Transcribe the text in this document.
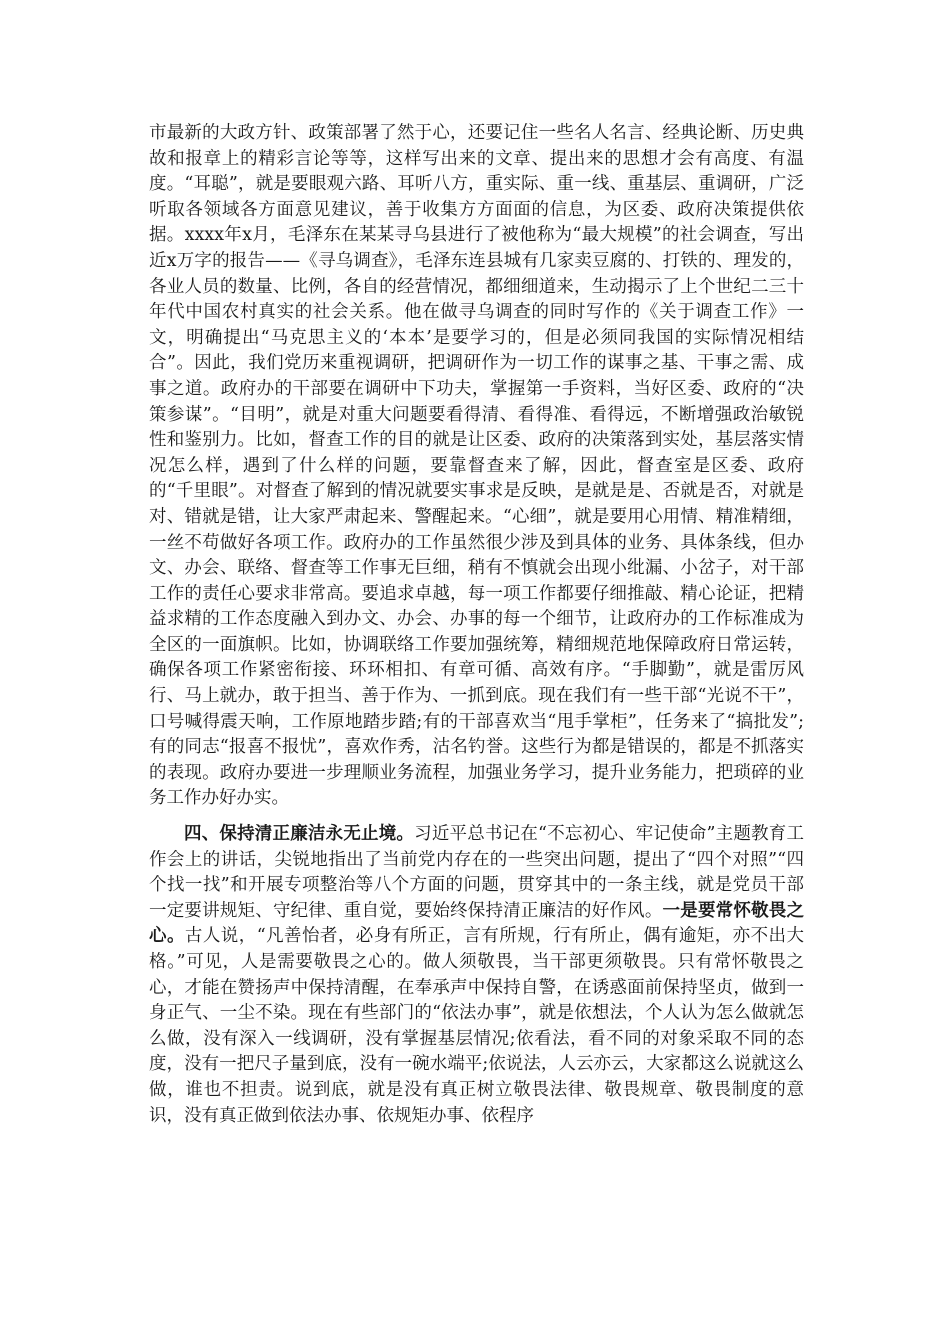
市最新的大政方针、政策部署了然于心，还要记住一些名人名言、经典论断、历史典故和报章上的精彩言论等等，这样写出来的文章、提出来的思想才会有高度、有温度。“耳聪”，就是要眼观六路、耳听八方，重实际、重一线、重基层、重调研，广泛听取各领域各方面意见建议，善于收集方方面面的信息，为区委、政府决策提供依据。xxxx年x月，毛泽东在某某寻乌县进行了被他称为“最大规模”的社会调查，写出近x万字的报告——《寻乌调查》，毛泽东连县城有几家卖豆腐的、打铁的、理发的，各业人员的数量、比例，各自的经营情况，都细细道来，生动揭示了上个世纪二三十年代中国农村真实的社会关系。他在做寻乌调查的同时写作的《关于调查工作》一文，明确提出“马克思主义的‘本本’是要学习的，但是必须同我国的实际情况相结合”。因此，我们党历来重视调研，把调研作为一切工作的谋事之基、干事之需、成事之道。政府办的干部要在调研中下功夫，掌握第一手资料，当好区委、政府的“决策参谋”。“目明”，就是对重大问题要看得清、看得准、看得远，不断增强政治敏锐性和鉴别力。比如，督查工作的目的就是让区委、政府的决策落到实处，基层落实情况怎么样，遇到了什么样的问题，要靠督查来了解，因此，督查室是区委、政府的“千里眼”。对督查了解到的情况就要实事求是反映，是就是是、否就是否，对就是对、错就是错，让大家严肃起来、警醒起来。“心细”，就是要用心用情、精准精细，一丝不苟做好各项工作。政府办的工作虽然很少涉及到具体的业务、具体条线，但办文、办会、联络、督查等工作事无巨细，稍有不慎就会出现小纰漏、小岔子，对干部工作的责任心要求非常高。要追求卓越，每一项工作都要仔细推敲、精心论证，把精益求精的工作态度融入到办文、办会、办事的每一个细节，让政府办的工作标准成为全区的一面旗帜。比如，协调联络工作要加强统筹，精细规范地保障政府日常运转，确保各项工作紧密衔接、环环相扣、有章可循、高效有序。“手脚勤”，就是雷厉风行、马上就办，敢于担当、善于作为、一抓到底。现在我们有一些干部“光说不干”，口号喊得震天响，工作原地踏步踏;有的干部喜欢当“甩手掌柜”，任务来了“搞批发”;有的同志“报喜不报忧”，喜欢作秀，沽名钓誉。这些行为都是错误的，都是不抓落实的表现。政府办要进一步理顺业务流程，加强业务学习，提升业务能力，把琐碎的业务工作办好办实。

四、保持清正廉洁永无止境。习近平总书记在“不忘初心、牢记使命”主题教育工作会上的讲话，尖锐地指出了当前党内存在的一些突出问题，提出了“四个对照”“四个找一找”和开展专项整治等八个方面的问题，贯穿其中的一条主线，就是党员干部一定要讲规矩、守纪律、重自觉，要始终保持清正廉洁的好作风。一是要常怀敬畏之心。古人说，“凡善怡者，必身有所正，言有所规，行有所止，偶有逾矩，亦不出大格。”可见，人是需要敬畏之心的。做人须敬畏，当干部更须敬畏。只有常怀敬畏之心，才能在赞扬声中保持清醒，在奉承声中保持自警，在诱惑面前保持坚贞，做到一身正气、一尘不染。现在有些部门的“依法办事”，就是依想法，个人认为怎么做就怎么做，没有深入一线调研，没有掌握基层情况;依看法，看不同的对象采取不同的态度，没有一把尺子量到底，没有一碗水端平;依说法，人云亦云，大家都这么说就这么做，谁也不担责。说到底，就是没有真正树立敬畏法律、敬畏规章、敬畏制度的意识，没有真正做到依法办事、依规矩办事、依程序
